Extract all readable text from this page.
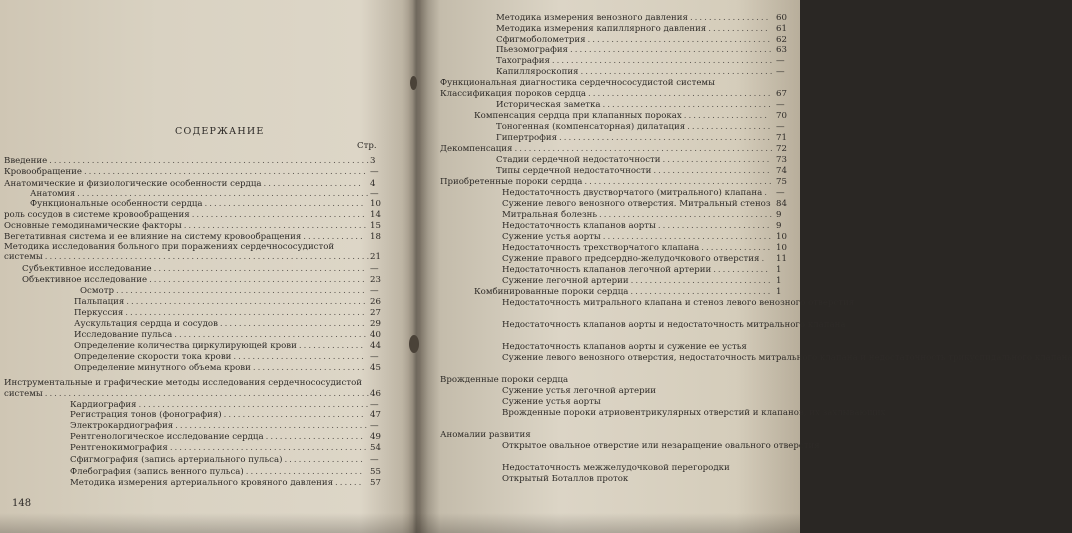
СОДЕРЖАНИЕ
Стр.
Введение .................................................................... 3
Кровообращение ............................................................ —
Анатомические и физиологические особенности сердца ..................... 4
Анатомия .............................................................. —
Функциональные особенности сердца .................................. 10
роль сосудов в системе кровообращения ..................................... 14
Основные гемодинамические факторы ....................................... 15
Вегетативная система и ее влияние на систему кровообращения ............. 18
Методика исследования больного при поражениях сердечнососудистой
системы .....................................................................
21
Субъективное исследование ............................................. —
Объективное исследование .............................................. 23
Осмотр ..................................................... —
Пальпация ................................................... 26
Перкуссия ................................................... 27
Аускультация сердца и сосудов ............................... 29
Исследование пульса ......................................... 40
Определение количества циркулирующей крови .............. 44
Определение скорости тока крови ............................ —
Определение минутного объема крови ........................ 45
Инструментальные и графические методы исследования сердечнососудистой
системы .....................................................................
46
Кардиография ................................................. —
Регистрация тонов (фонография) .............................. 47
Электрокардиография ......................................... —
Рентгенологическое исследование сердца ..................... 49
Рентгенокимография .......................................... 54
Сфигмография (запись артериального пульса) ................. —
Флебография (запись венного пульса) ......................... 55
Методика измерения артериального кровяного давления ...... 57
148
Методика измерения венозного давления ................. 60
Методика измерения капиллярного давления ............. 61
Сфигмоболометрия ....................................... 62
Пьезомография ........................................... 63
Тахография ............................................... —
Капилляроскопия ......................................... —
Функциональная диагностика сердечнососудистой системы
Классификация пороков сердца ....................................... 67
Историческая заметка .................................... —
Компенсация сердца при клапанных пороках .................. 70
Тоногенная (компенсаторная) дилатация .................. —
Гипертрофия ............................................. 71
Декомпенсация ....................................................... 72
Стадии сердечной недостаточности ....................... 73
Типы сердечной недостаточности ......................... 74
Приобретенные пороки сердца ........................................ 75
Недостаточность двустворчатого (митрального) клапана . —
Сужение левого венозного отверстия. Митральный стеноз 84
Митральная болезнь ..................................... 9
Недостаточность клапанов аорты ........................ 9
Сужение устья аорты .................................... 10
Недостаточность трехстворчатого клапана ............... 10
Сужение правого предсердно-желудочкового отверстия . 11
Недостаточность клапанов легочной артерии ............ 1
Сужение легочной артерии .............................. 1
Комбинированные пороки сердца .............................. 1
Недостаточность митрального клапана и стеноз левого венозного отверстия
Недостаточность клапанов аорты и недостаточность митрального клапана
Недостаточность клапанов аорты и сужение ее устья
Сужение левого венозного отверстия, недостаточность митрального клапана и недостаточность трикуспидального клапана
Врожденные пороки сердца
Сужение устья легочной артерии
Сужение устья аорты
Врожденные пороки атриовентрикулярных отверстий и клапанов, их захлывающих
Аномалии развития
Открытое овальное отверстие или незаращение овального отверстия
Недостаточность межжелудочковой перегородки
Открытый Боталлов проток
